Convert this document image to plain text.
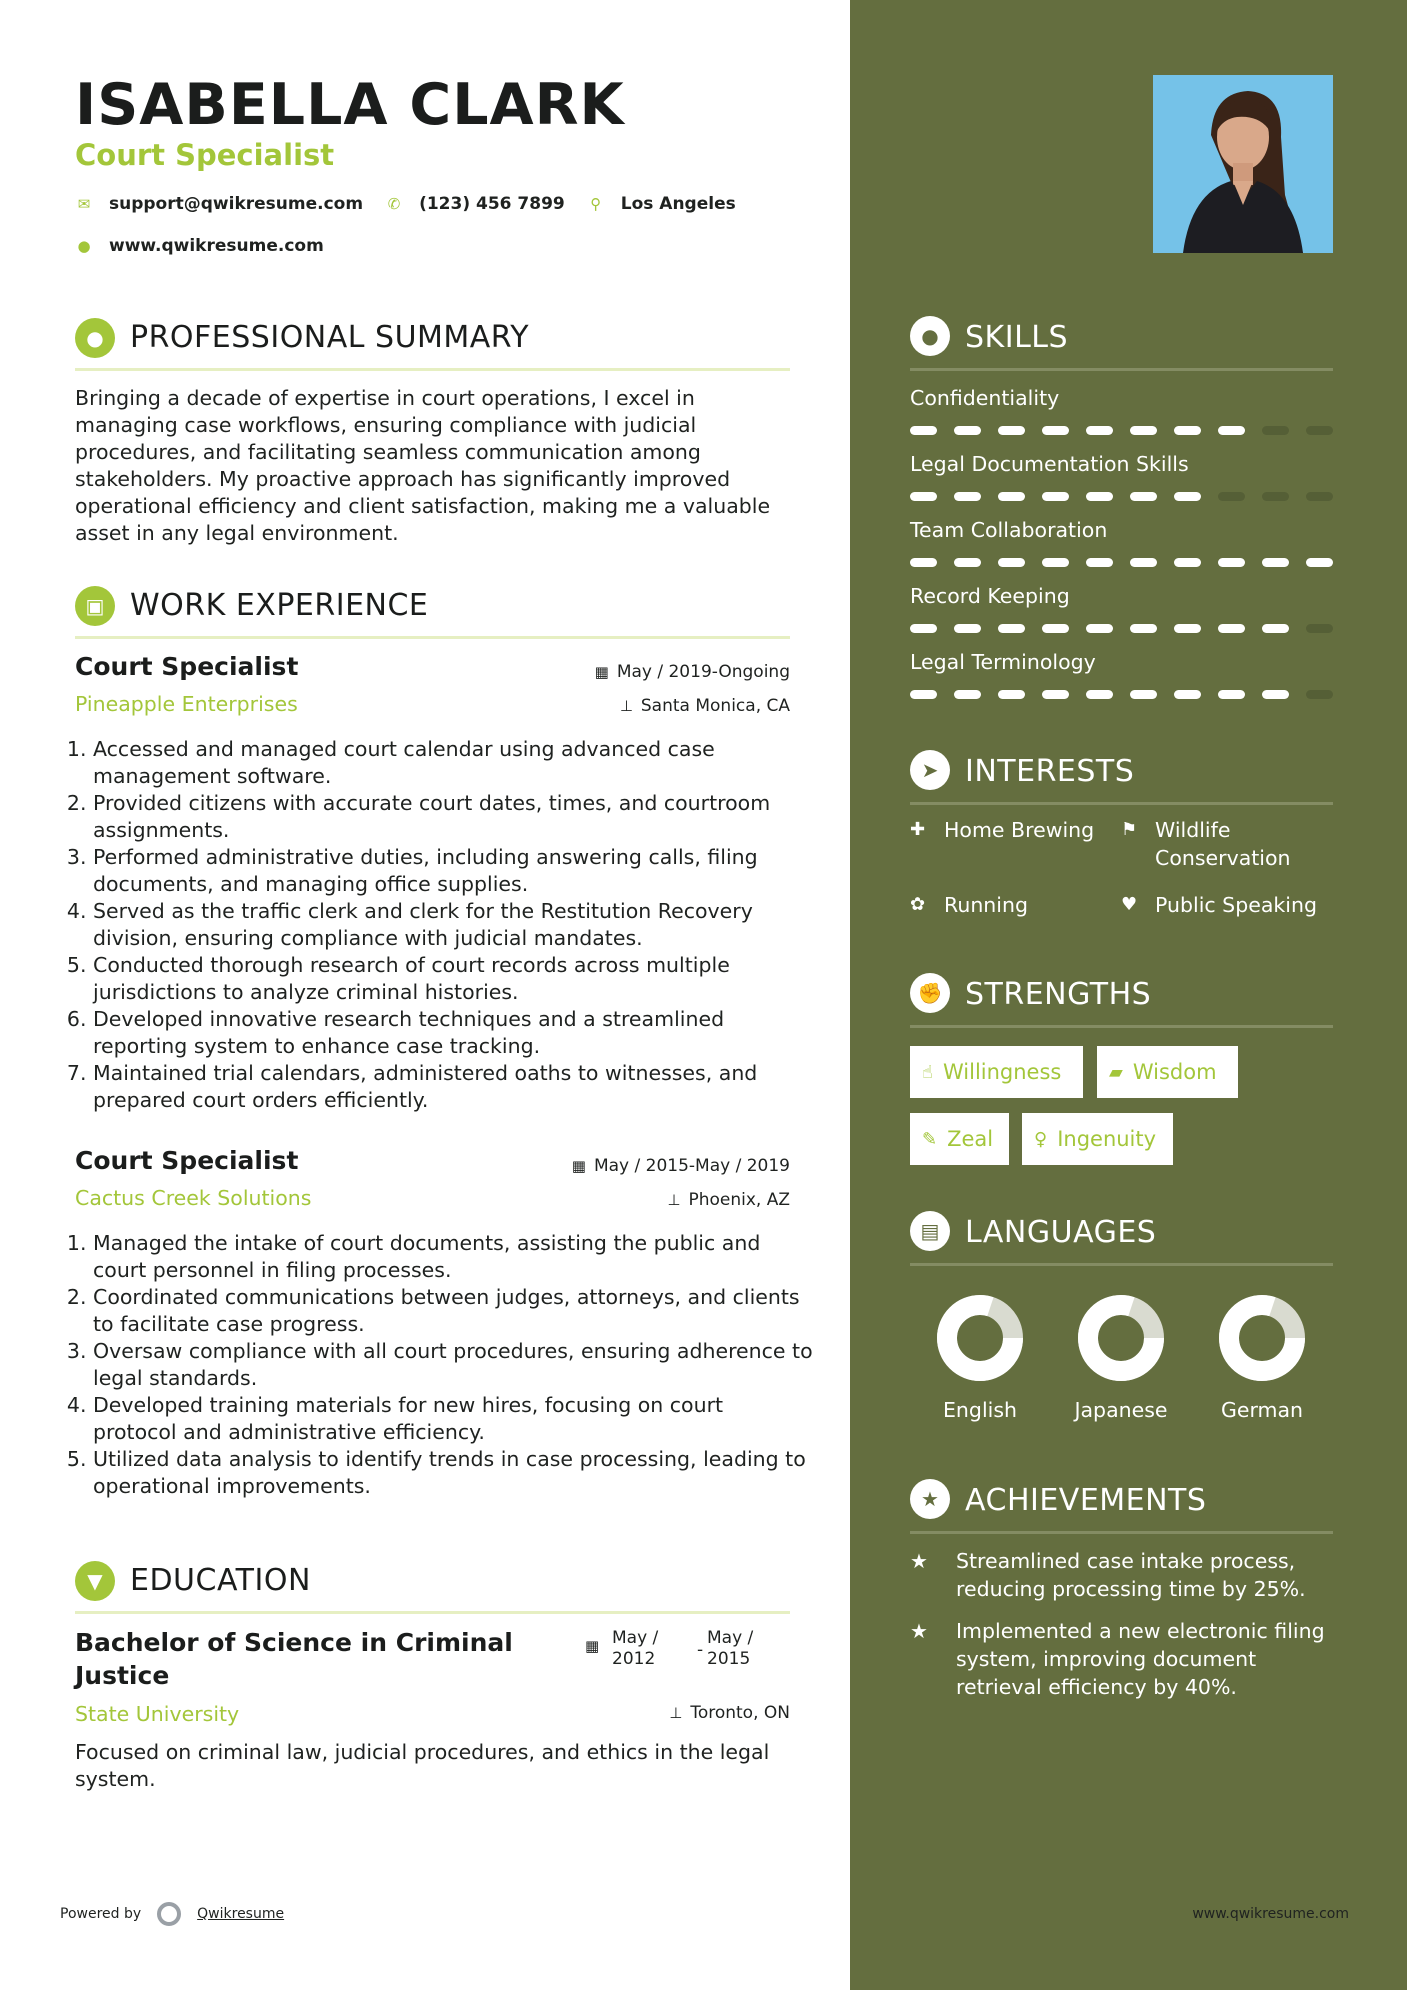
ISABELLA CLARK
Court Specialist
✉ support@qwikresume.com ✆ (123) 456 7899 ⚲ Los Angeles
● www.qwikresume.com
● PROFESSIONAL SUMMARY
Bringing a decade of expertise in court operations, I excel in managing case workflows, ensuring compliance with judicial procedures, and facilitating seamless communication among stakeholders. My proactive approach has significantly improved operational efficiency and client satisfaction, making me a valuable asset in any legal environment.
▣ WORK EXPERIENCE
Court Specialist	▦ May / 2019-Ongoing
Pineapple Enterprises	⊥ Santa Monica, CA
1. Accessed and managed court calendar using advanced case management software.
2. Provided citizens with accurate court dates, times, and courtroom assignments.
3. Performed administrative duties, including answering calls, filing documents, and managing office supplies.
4. Served as the traffic clerk and clerk for the Restitution Recovery division, ensuring compliance with judicial mandates.
5. Conducted thorough research of court records across multiple jurisdictions to analyze criminal histories.
6. Developed innovative research techniques and a streamlined reporting system to enhance case tracking.
7. Maintained trial calendars, administered oaths to witnesses, and prepared court orders efficiently.
Court Specialist	▦ May / 2015-May / 2019
Cactus Creek Solutions	⊥ Phoenix, AZ
1. Managed the intake of court documents, assisting the public and court personnel in filing processes.
2. Coordinated communications between judges, attorneys, and clients to facilitate case progress.
3. Oversaw compliance with all court procedures, ensuring adherence to legal standards.
4. Developed training materials for new hires, focusing on court protocol and administrative efficiency.
5. Utilized data analysis to identify trends in case processing, leading to operational improvements.
▼ EDUCATION
Bachelor of Science in Criminal Justice
▦ May /
2012	-
May /
2015
State University	⊥ Toronto, ON
Focused on criminal law, judicial procedures, and ethics in the legal system.
Powered by	Qwikresume
● SKILLS
Confidentiality
Legal Documentation Skills
Team Collaboration
Record Keeping
Legal Terminology
➤ INTERESTS
✚ Home Brewing ⚑ Wildlife Conservation
✿ Running	♥ Public Speaking
✊ STRENGTHS
☝ Willingness	▰ Wisdom
✎ Zeal ♀ Ingenuity
▤ LANGUAGES
English	Japanese	German
★ ACHIEVEMENTS
★	Streamlined case intake process, reducing processing time by 25%.
★	Implemented a new electronic filing system, improving document retrieval efficiency by 40%.
www.qwikresume.com
